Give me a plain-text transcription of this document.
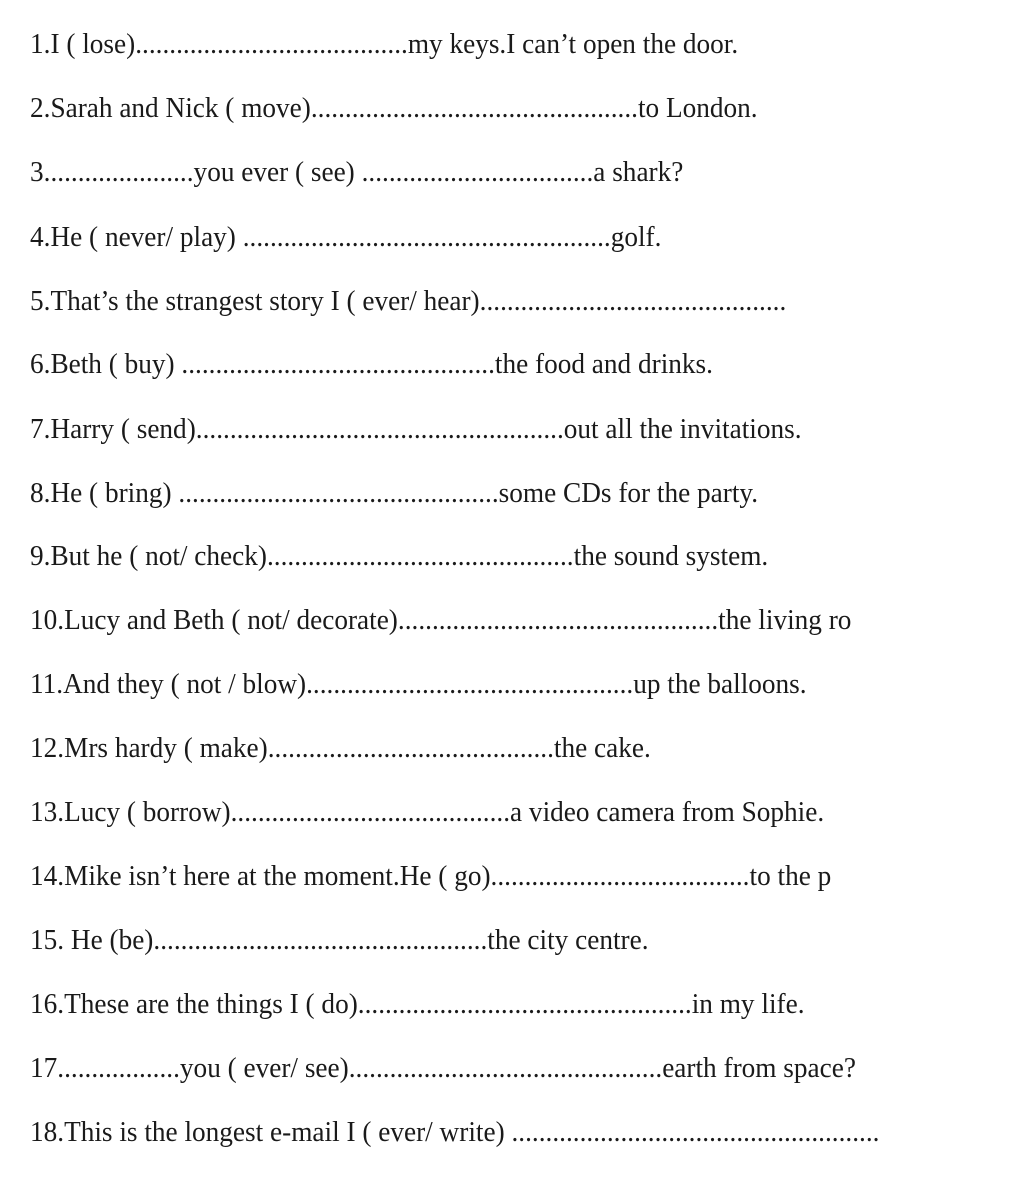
1.I ( lose)........................................my keys.I can’t open the door.
2.Sarah and Nick ( move)................................................to London.
3......................you ever ( see) ..................................a shark?
4.He ( never/ play) ......................................................golf.
5.That’s the strangest story I ( ever/ hear).............................................
6.Beth ( buy) ..............................................the food and drinks.
7.Harry ( send)......................................................out all the invitations.
8.He ( bring) ...............................................some CDs for the party.
9.But he ( not/ check).............................................the sound system.
10.Lucy and Beth ( not/ decorate)...............................................the living ro
11.And they ( not / blow)................................................up the balloons.
12.Mrs hardy ( make)..........................................the cake.
13.Lucy ( borrow).........................................a video camera from Sophie.
14.Mike isn’t here at the moment.He ( go)......................................to the p
15. He (be).................................................the city centre.
16.These are the things I ( do).................................................in my life.
17..................you ( ever/ see)..............................................earth from space?
18.This is the longest e-mail I ( ever/ write) ......................................................
